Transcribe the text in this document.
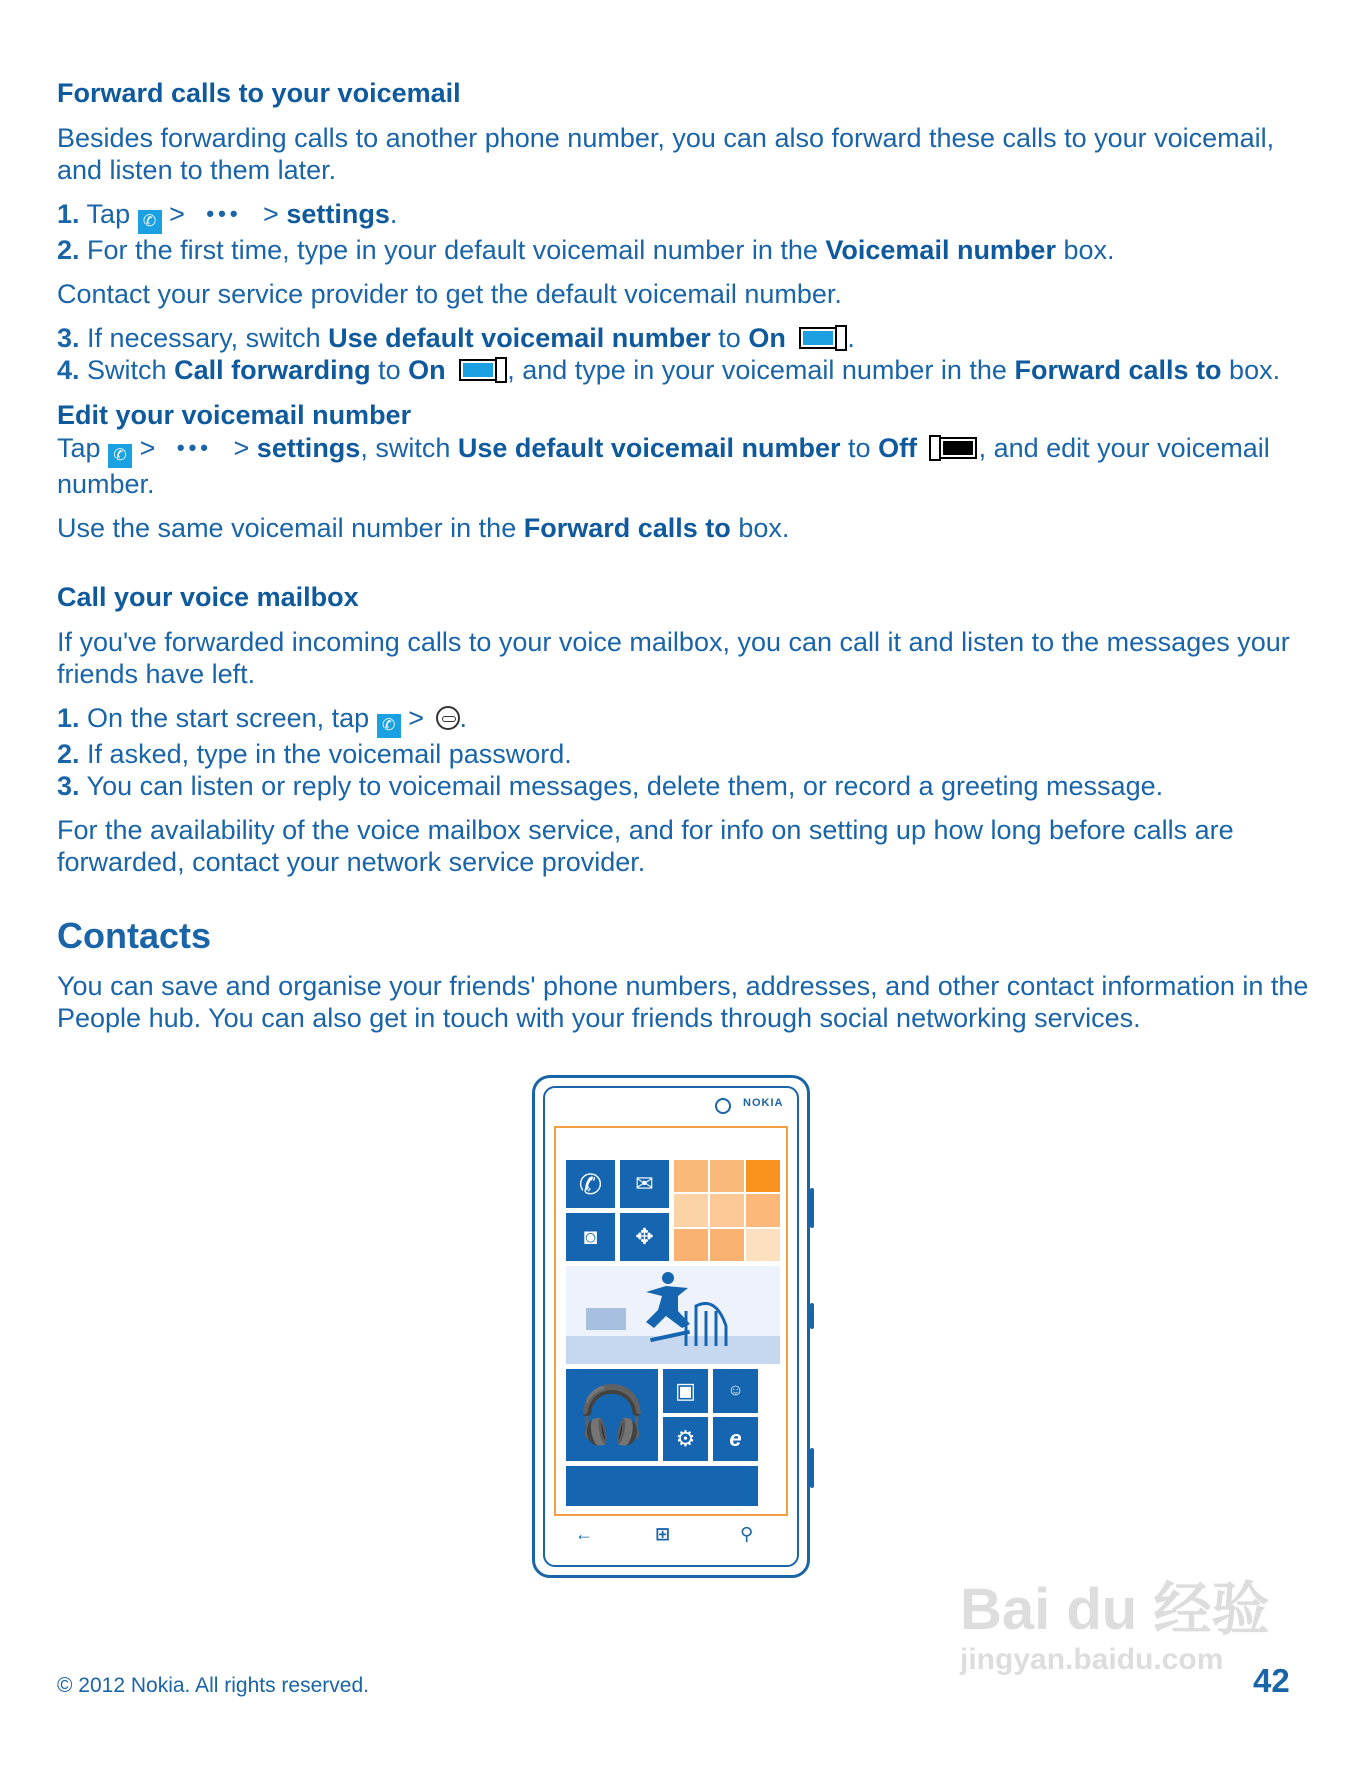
Forward calls to your voicemail

Besides forwarding calls to another phone number, you can also forward these calls to your voicemail, and listen to them later.

1. Tap ✆ > ••• > settings.

2. For the first time, type in your default voicemail number in the Voicemail number box.

Contact your service provider to get the default voicemail number.

3. If necessary, switch Use default voicemail number to On .

4. Switch Call forwarding to On , and type in your voicemail number in the Forward calls to box.

Edit your voicemail number

Tap ✆ > ••• > settings, switch Use default voicemail number to Off , and edit your voicemail number.

Use the same voicemail number in the Forward calls to box.

Call your voice mailbox

If you've forwarded incoming calls to your voice mailbox, you can call it and listen to the messages your friends have left.

1. On the start screen, tap ✆ > .

2. If asked, type in the voicemail password.

3. You can listen or reply to voicemail messages, delete them, or record a greeting message.

For the availability of the voice mailbox service, and for info on setting up how long before calls are forwarded, contact your network service provider.

Contacts

You can save and organise your friends' phone numbers, addresses, and other contact information in the People hub. You can also get in touch with your friends through social networking services.

NOKIA
✆	✉
◙	✥
🎧	▣	☺
⚙	e
←	⊞	⚲
© 2012 Nokia. All rights reserved.	42
Bai du 经验
jingyan.baidu.com
